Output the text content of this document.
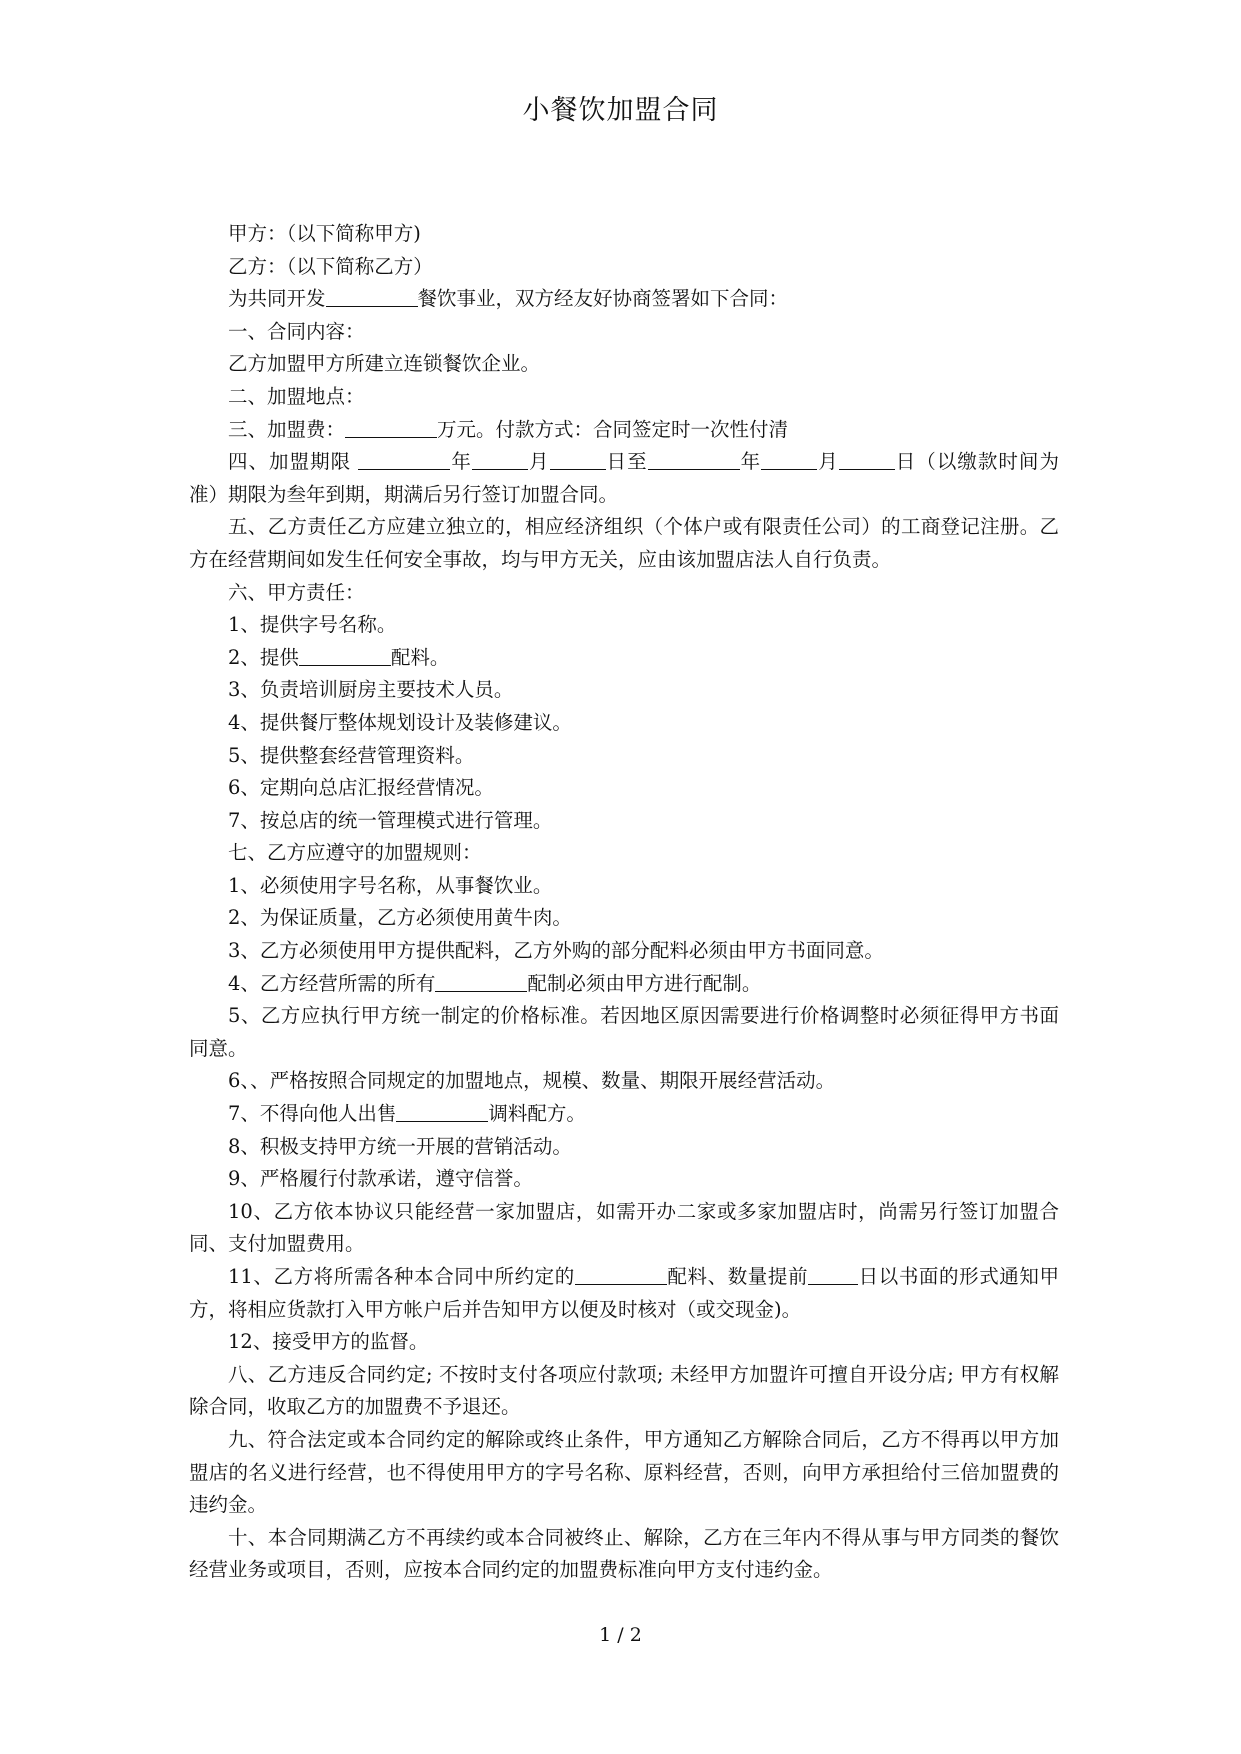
小餐饮加盟合同

甲方：（以下简称甲方)

乙方：（以下简称乙方）

为共同开发	餐饮事业，双方经友好协商签署如下合同：

一、合同内容：

乙方加盟甲方所建立连锁餐饮企业。

二、加盟地点：

三、加盟费：	万元。付款方式：合同签定时一次性付清

四、加盟期限	年	月	日至	年	月	日（以缴款时间为准）期限为叁年到期，期满后另行签订加盟合同。

五、乙方责任乙方应建立独立的，相应经济组织（个体户或有限责任公司）的工商登记注册。乙方在经营期间如发生任何安全事故，均与甲方无关，应由该加盟店法人自行负责。

六、甲方责任：

1、提供字号名称。

2、提供	配料。

3、负责培训厨房主要技术人员。

4、提供餐厅整体规划设计及装修建议。

5、提供整套经营管理资料。

6、定期向总店汇报经营情况。

7、按总店的统一管理模式进行管理。

七、乙方应遵守的加盟规则：

1、必须使用字号名称，从事餐饮业。

2、为保证质量，乙方必须使用黄牛肉。

3、乙方必须使用甲方提供配料，乙方外购的部分配料必须由甲方书面同意。

4、乙方经营所需的所有	配制必须由甲方进行配制。

5、乙方应执行甲方统一制定的价格标准。若因地区原因需要进行价格调整时必须征得甲方书面同意。

6、、严格按照合同规定的加盟地点，规模、数量、期限开展经营活动。

7、不得向他人出售	调料配方。

8、积极支持甲方统一开展的营销活动。

9、严格履行付款承诺，遵守信誉。

10、乙方依本协议只能经营一家加盟店，如需开办二家或多家加盟店时，尚需另行签订加盟合同、支付加盟费用。

11、乙方将所需各种本合同中所约定的	配料、数量提前	日以书面的形式通知甲方，将相应货款打入甲方帐户后并告知甲方以便及时核对（或交现金)。

12、接受甲方的监督。

八、乙方违反合同约定; 不按时支付各项应付款项; 未经甲方加盟许可擅自开设分店; 甲方有权解除合同，收取乙方的加盟费不予退还。

九、符合法定或本合同约定的解除或终止条件，甲方通知乙方解除合同后，乙方不得再以甲方加盟店的名义进行经营，也不得使用甲方的字号名称、原料经营，否则，向甲方承担给付三倍加盟费的违约金。

十、本合同期满乙方不再续约或本合同被终止、解除，乙方在三年内不得从事与甲方同类的餐饮经营业务或项目，否则，应按本合同约定的加盟费标准向甲方支付违约金。

1 / 2
